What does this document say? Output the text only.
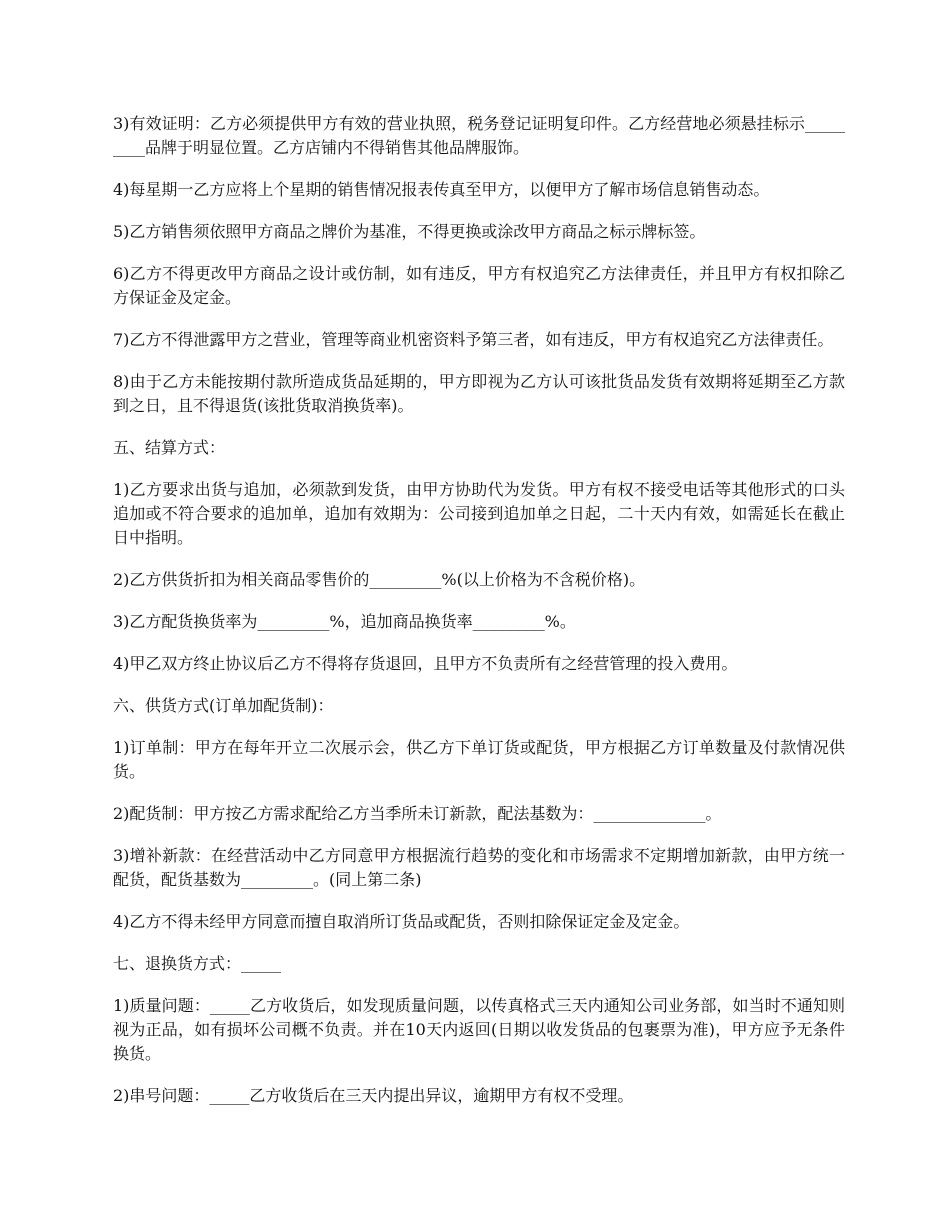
3)有效证明：乙方必须提供甲方有效的营业执照，税务登记证明复印件。乙方经营地必须悬挂标示_________品牌于明显位置。乙方店铺内不得销售其他品牌服饰。

4)每星期一乙方应将上个星期的销售情况报表传真至甲方，以便甲方了解市场信息销售动态。

5)乙方销售须依照甲方商品之牌价为基准，不得更换或涂改甲方商品之标示牌标签。

6)乙方不得更改甲方商品之设计或仿制，如有违反，甲方有权追究乙方法律责任，并且甲方有权扣除乙方保证金及定金。

7)乙方不得泄露甲方之营业，管理等商业机密资料予第三者，如有违反，甲方有权追究乙方法律责任。

8)由于乙方未能按期付款所造成货品延期的，甲方即视为乙方认可该批货品发货有效期将延期至乙方款到之日，且不得退货(该批货取消换货率)。

五、结算方式：

1)乙方要求出货与追加，必须款到发货，由甲方协助代为发货。甲方有权不接受电话等其他形式的口头追加或不符合要求的追加单，追加有效期为：公司接到追加单之日起，二十天内有效，如需延长在截止日中指明。

2)乙方供货折扣为相关商品零售价的_________%(以上价格为不含税价格)。

3)乙方配货换货率为_________%，追加商品换货率_________%。

4)甲乙双方终止协议后乙方不得将存货退回，且甲方不负责所有之经营管理的投入费用。

六、供货方式(订单加配货制)：

1)订单制：甲方在每年开立二次展示会，供乙方下单订货或配货，甲方根据乙方订单数量及付款情况供货。

2)配货制：甲方按乙方需求配给乙方当季所未订新款，配法基数为：______________。

3)增补新款：在经营活动中乙方同意甲方根据流行趋势的变化和市场需求不定期增加新款，由甲方统一配货，配货基数为_________。(同上第二条)

4)乙方不得未经甲方同意而擅自取消所订货品或配货，否则扣除保证定金及定金。

七、退换货方式：_____

1)质量问题：_____乙方收货后，如发现质量问题，以传真格式三天内通知公司业务部，如当时不通知则视为正品，如有损坏公司概不负责。并在10天内返回(日期以收发货品的包裹票为准)，甲方应予无条件换货。

2)串号问题：_____乙方收货后在三天内提出异议，逾期甲方有权不受理。
